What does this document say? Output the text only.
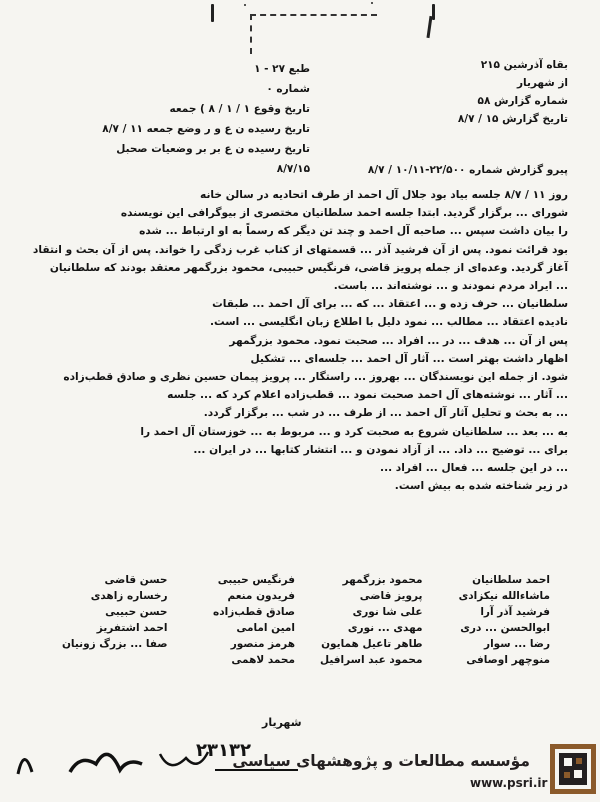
بقاه آذرشین ۲۱۵
از شهریار
شماره گزارش ۵۸
تاریخ گزارش ۱۵ / ۸/۷
طبع ۲۷ - ۱
شماره ۰
تاریخ وقوع ۱ / ۱ / ۸ ) جمعه
تاریخ رسیده ن ع و ر وضع جمعه ۱۱ / ۸/۷
تاریخ رسیده ن ع بر بر وضعیات صحبل
۸/۷/۱۵	پیرو گزارش شماره ۲۲/۵۰۰-۱۰/۱۱ / ۸/۷

روز ۱۱ / ۸/۷ جلسه بیاد بود جلال آل احمد از طرف اتحادیه در سالن خانه

شورای ... برگزار گردید. ابتدا جلسه احمد سلطانیان مختصری از بیوگرافی این نویسنده

را بیان داشت سپس ... صاحبه آل احمد و چند تن دیگر که رسماً به او ارتباط ... شده

بود قرائت نمود. پس از آن فرشید آذر ... قسمتهای از کتاب غرب زدگی را خواند. پس از آن بحث و انتقاد

آغاز گردید. وعده‌ای از جمله پرویز قاضی، فرنگیس حبیبی، محمود بزرگمهر معتقد بودند که سلطانیان

... ایراد مردم نمودند و ... نوشته‌اند ... باست.

سلطانیان ... حرف زده و ... اعتقاد ... که ... برای آل احمد ... طبقات

نادیده اعتقاد ... مطالب ... نمود دلیل با اطلاع زبان انگلیسی ... است.

پس از آن ... هدف ... در ... افراد ... صحبت نمود. محمود بزرگمهر

اظهار داشت بهتر است ... آثار آل احمد ... جلسه‌ای ... تشکیل

شود. از جمله این نویسندگان ... بهروز ... راستگار ... پرویز پیمان حسین نظری و صادق قطب‌زاده

... آثار ... نوشته‌های آل احمد صحبت نمود ... قطب‌زاده اعلام کرد که ... جلسه

... به بحث و تحلیل آثار آل احمد ... از طرف ... در شب ... برگزار گردد.

به ... بعد ... سلطانیان شروع به صحبت کرد و ... مربوط به ... خوزستان آل احمد را

برای ... توضیح ... داد. ... از آزاد نمودن و ... انتشار کتابها ... در ایران ...

... در این جلسه ... فعال ... افراد ...

در زیر شناخته شده به بیش است.

احمد سلطانیان
محمود بزرگمهر
فرنگیس حبیبی
حسن قاضی
ماشاءالله نیکزادی
پرویز قاضی
فریدون منعم
رخساره زاهدی
فرشید آذر آرا
علی شا نوری
صادق قطب‌زاده
حسن حبیبی
ابوالحسن ... دری
مهدی ... نوری
امین امامی
احمد اشتفریز
رضا ... سوار
طاهر تاعیل همایون
هرمز منصور
صفا ... بزرگ زونیان
منوچهر اوصافی
محمود عبد اسرافیل
محمد لاهمی
شهریار
۲۳۱۳۲
مؤسسه مطالعات و پژوهشهای سیاسی
www.psri.ir
